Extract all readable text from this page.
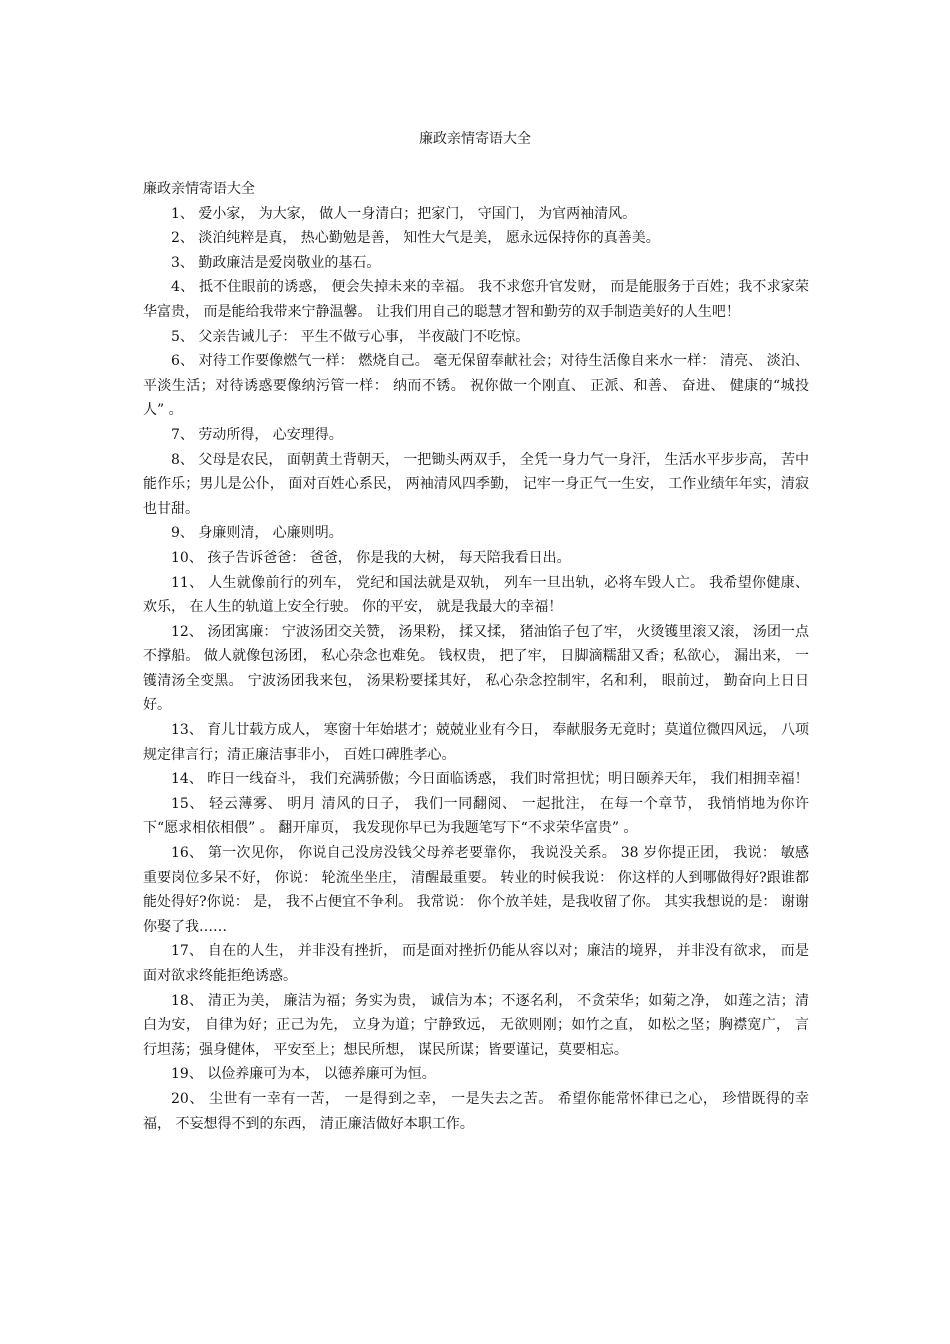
廉政亲情寄语大全

廉政亲情寄语大全

1、 爱小家， 为大家， 做人一身清白；把家门， 守国门， 为官两袖清风。

2、 淡泊纯粹是真， 热心勤勉是善， 知性大气是美， 愿永远保持你的真善美。

3、 勤政廉洁是爱岗敬业的基石。

4、 抵不住眼前的诱惑， 便会失掉未来的幸福。 我不求您升官发财， 而是能服务于百姓；我不求家荣华富贵， 而是能给我带来宁静温馨。 让我们用自己的聪慧才智和勤劳的双手制造美好的人生吧！

5、 父亲告诫儿子： 平生不做亏心事， 半夜敲门不吃惊。

6、 对待工作要像燃气一样： 燃烧自己。 毫无保留奉献社会；对待生活像自来水一样： 清亮、 淡泊、 平淡生活；对待诱惑要像纳污管一样： 纳而不锈。 祝你做一个刚直、 正派、和善、 奋进、 健康的“城投人” 。

7、 劳动所得， 心安理得。

8、 父母是农民， 面朝黄土背朝天， 一把锄头两双手， 全凭一身力气一身汗， 生活水平步步高， 苦中能作乐；男儿是公仆， 面对百姓心系民， 两袖清风四季勤， 记牢一身正气一生安， 工作业绩年年实，清寂也甘甜。

9、 身廉则清， 心廉则明。

10、 孩子告诉爸爸： 爸爸， 你是我的大树， 每天陪我看日出。

11、 人生就像前行的列车， 党纪和国法就是双轨， 列车一旦出轨，必将车毁人亡。 我希望你健康、 欢乐， 在人生的轨道上安全行驶。 你的平安， 就是我最大的幸福！

12、 汤团寓廉： 宁波汤团交关赞， 汤果粉， 揉又揉， 猪油馅子包了牢， 火烫镬里滚又滚， 汤团一点不撑船。 做人就像包汤团， 私心杂念也难免。 钱权贵， 把了牢， 日脚滴糯甜又香；私欲心， 漏出来， 一镬清汤全变黑。 宁波汤团我来包， 汤果粉要揉其好， 私心杂念控制牢，名和利， 眼前过， 勤奋向上日日好。

13、 育儿廿载方成人， 寒窗十年始堪才；兢兢业业有今日， 奉献服务无竟时；莫道位微四风远， 八项规定律言行；清正廉洁事非小， 百姓口碑胜孝心。

14、 昨日一线奋斗， 我们充满骄傲；今日面临诱惑， 我们时常担忧；明日颐养天年， 我们相拥幸福！

15、 轻云薄雾、 明月 清风的日子， 我们一同翻阅、 一起批注， 在每一个章节， 我悄悄地为你许下“愿求相依相偎” 。 翻开扉页， 我发现你早已为我题笔写下“不求荣华富贵” 。

16、 第一次见你， 你说自己没房没钱父母养老要靠你， 我说没关系。 38 岁你提正团， 我说： 敏感重要岗位多呆不好， 你说： 轮流坐坐庄， 清醒最重要。 转业的时候我说： 你这样的人到哪做得好?跟谁都能处得好?你说： 是， 我不占便宜不争利。 我常说： 你个放羊娃，是我收留了你。 其实我想说的是： 谢谢你娶了我……

17、 自在的人生， 并非没有挫折， 而是面对挫折仍能从容以对；廉洁的境界， 并非没有欲求， 而是面对欲求终能拒绝诱惑。

18、 清正为美， 廉洁为福；务实为贵， 诚信为本；不逐名利， 不贪荣华；如菊之净， 如莲之洁；清白为安， 自律为好；正己为先， 立身为道；宁静致远， 无欲则刚；如竹之直， 如松之坚；胸襟宽广， 言行坦荡；强身健体， 平安至上；想民所想， 谋民所谋；皆要谨记，莫要相忘。

19、 以俭养廉可为本， 以德养廉可为恒。

20、 尘世有一幸有一苦， 一是得到之幸， 一是失去之苦。 希望你能常怀律已之心， 珍惜既得的幸福， 不妄想得不到的东西， 清正廉洁做好本职工作。
